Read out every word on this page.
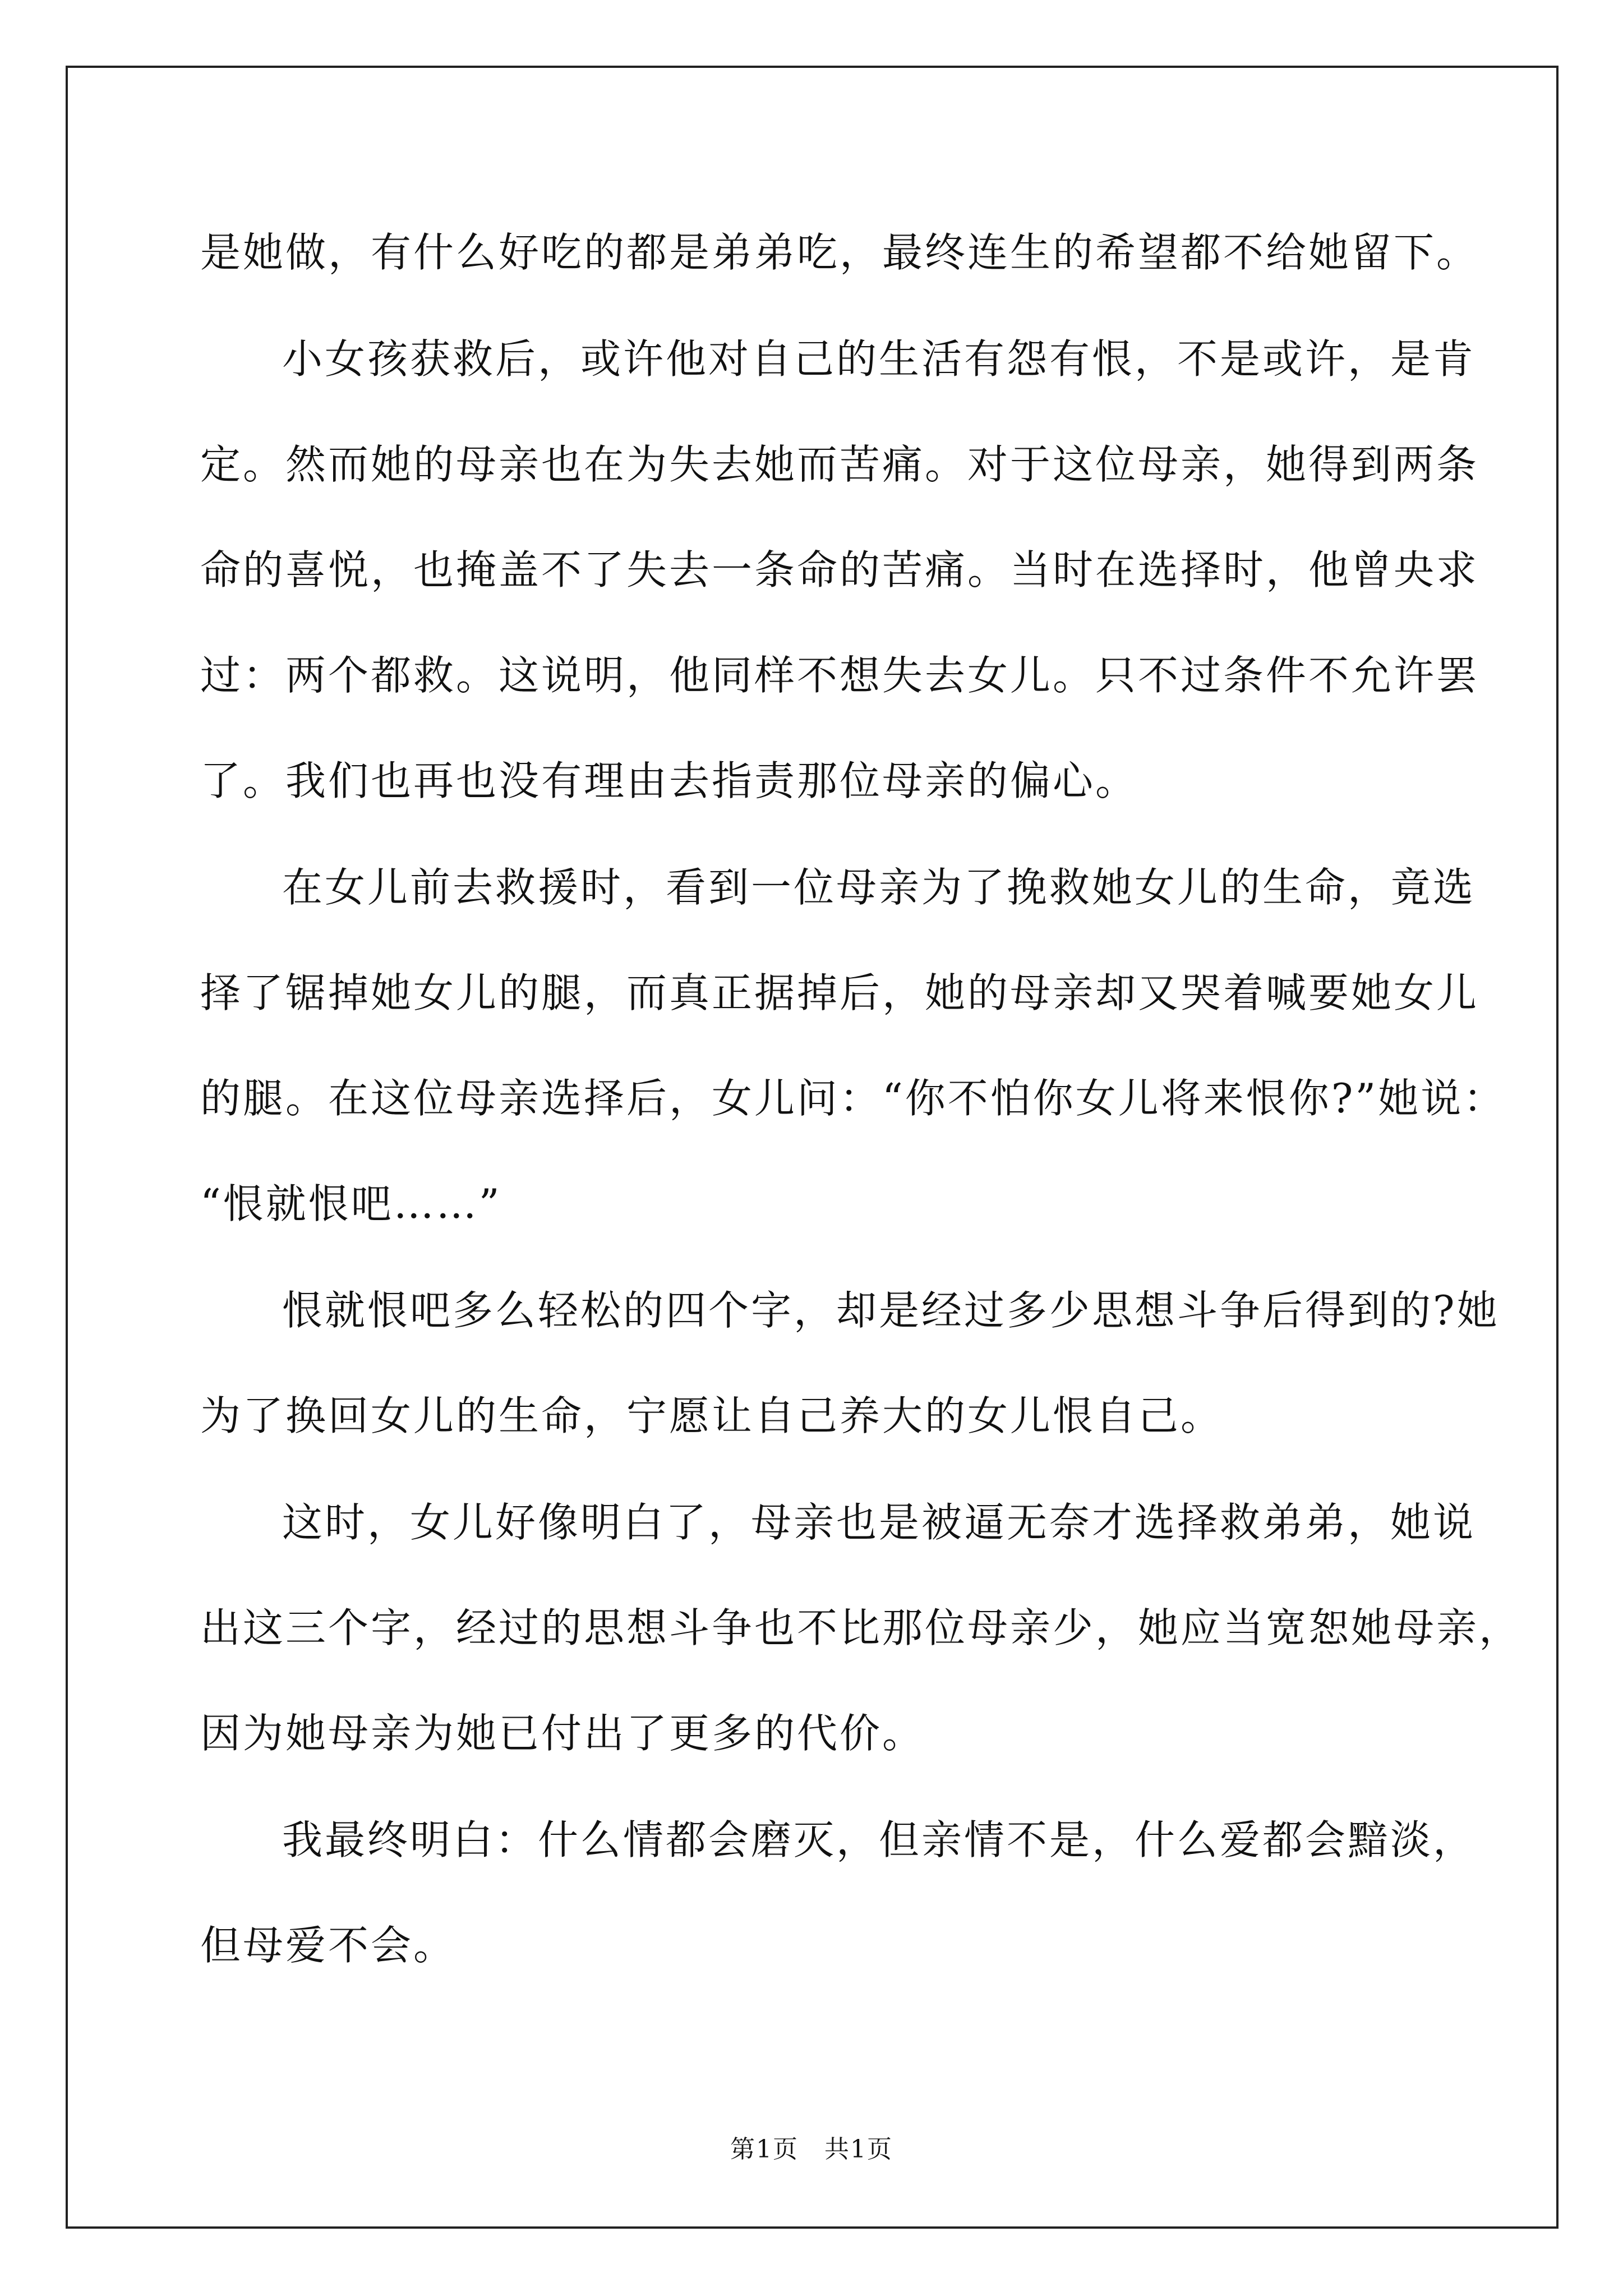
是她做，有什么好吃的都是弟弟吃，最终连生的希望都不给她留下。
小女孩获救后，或许他对自己的生活有怨有恨，不是或许，是肯
定。然而她的母亲也在为失去她而苦痛。对于这位母亲，她得到两条
命的喜悦，也掩盖不了失去一条命的苦痛。当时在选择时，他曾央求
过：两个都救。这说明，他同样不想失去女儿。只不过条件不允许罢
了。我们也再也没有理由去指责那位母亲的偏心。
在女儿前去救援时，看到一位母亲为了挽救她女儿的生命，竟选
择了锯掉她女儿的腿，而真正据掉后，她的母亲却又哭着喊要她女儿
的腿。在这位母亲选择后，女儿问：“你不怕你女儿将来恨你?”她说：
“恨就恨吧……”
恨就恨吧多么轻松的四个字，却是经过多少思想斗争后得到的?她
为了换回女儿的生命，宁愿让自己养大的女儿恨自己。
这时，女儿好像明白了，母亲也是被逼无奈才选择救弟弟，她说
出这三个字，经过的思想斗争也不比那位母亲少，她应当宽恕她母亲，
因为她母亲为她已付出了更多的代价。
我最终明白：什么情都会磨灭，但亲情不是，什么爱都会黯淡，
但母爱不会。
第1页　共1页
